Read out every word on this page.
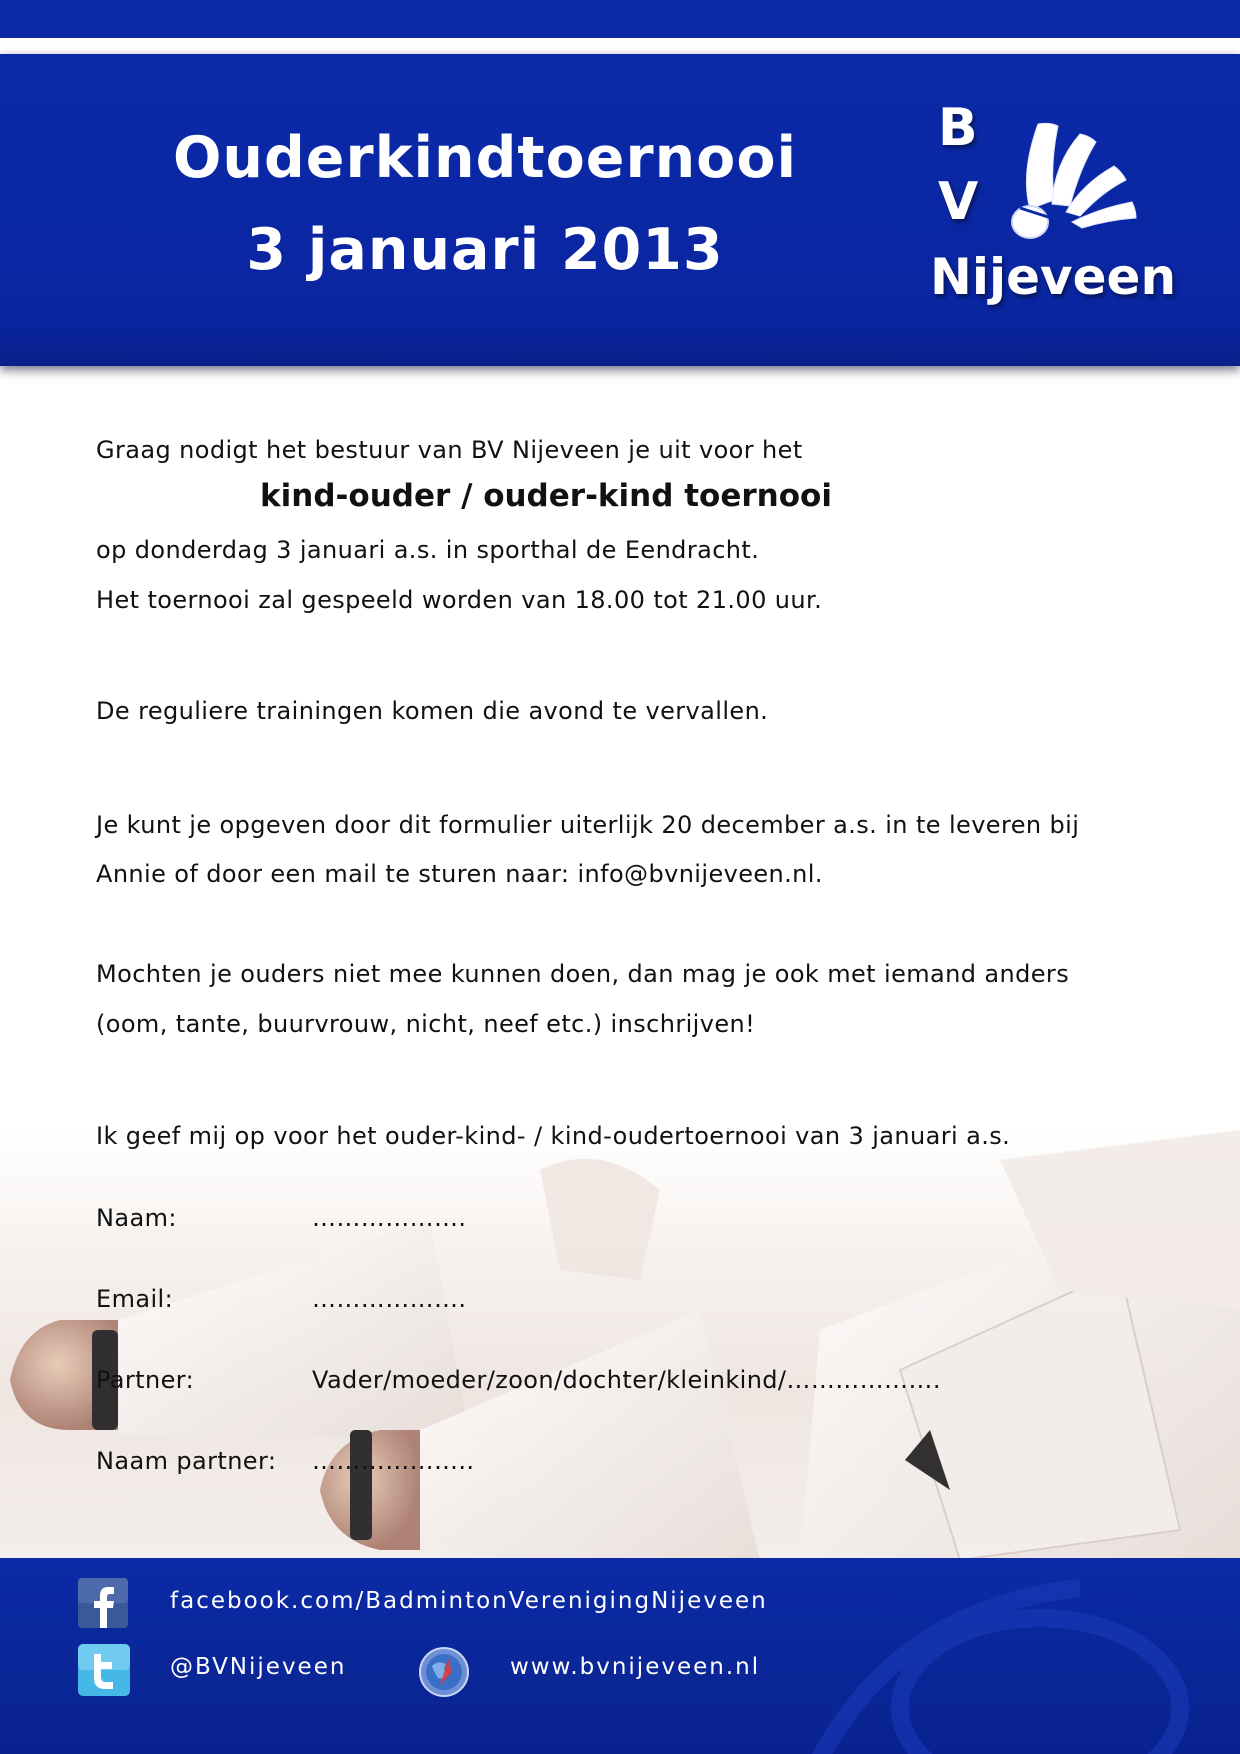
Ouderkindtoernooi
3 januari 2013
B
V
Nijeveen

Graag nodigt het bestuur van BV Nijeveen je uit voor het

kind-ouder / ouder-kind toernooi

op donderdag 3 januari a.s. in sporthal de Eendracht.

Het toernooi zal gespeeld worden van 18.00 tot 21.00 uur.

De reguliere trainingen komen die avond te vervallen.

Je kunt je opgeven door dit formulier uiterlijk 20 december a.s. in te leveren bij

Annie of door een mail te sturen naar: info@bvnijeveen.nl.

Mochten je ouders niet mee kunnen doen, dan mag je ook met iemand anders

(oom, tante, buurvrouw, nicht, neef etc.) inschrijven!

Ik geef mij op voor het ouder-kind- / kind-oudertoernooi van 3 januari a.s.

Naam:	……………….
Email:	……………….
Partner:	Vader/moeder/zoon/dochter/kleinkind/……………….
Naam partner: ………………..
facebook.com/BadmintonVerenigingNijeveen
@BVNijeveen	www.bvnijeveen.nl
